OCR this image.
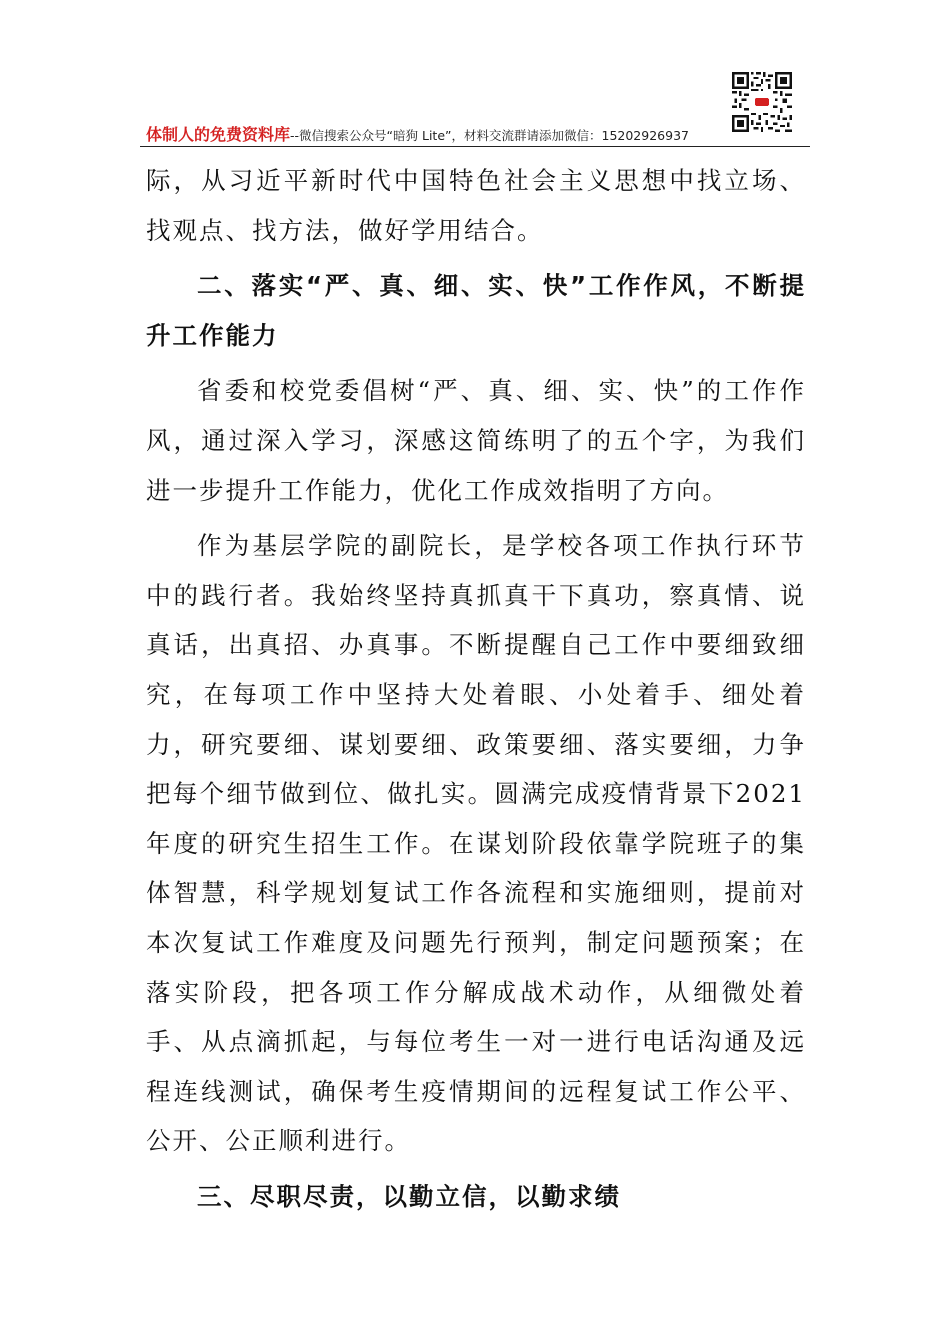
体制人的免费资料库--微信搜索公众号“暗狗 Lite”，材料交流群请添加微信：15202926937

际，从习近平新时代中国特色社会主义思想中找立场、找观点、找方法，做好学用结合。

二、落实“严、真、细、实、快”工作作风，不断提升工作能力

省委和校党委倡树“严、真、细、实、快”的工作作风，通过深入学习，深感这简练明了的五个字，为我们进一步提升工作能力，优化工作成效指明了方向。

作为基层学院的副院长，是学校各项工作执行环节中的践行者。我始终坚持真抓真干下真功，察真情、说真话，出真招、办真事。不断提醒自己工作中要细致细究，在每项工作中坚持大处着眼、小处着手、细处着力，研究要细、谋划要细、政策要细、落实要细，力争把每个细节做到位、做扎实。圆满完成疫情背景下2021年度的研究生招生工作。在谋划阶段依靠学院班子的集体智慧，科学规划复试工作各流程和实施细则，提前对本次复试工作难度及问题先行预判，制定问题预案；在落实阶段，把各项工作分解成战术动作，从细微处着手、从点滴抓起，与每位考生一对一进行电话沟通及远程连线测试，确保考生疫情期间的远程复试工作公平、公开、公正顺利进行。

三、尽职尽责，以勤立信，以勤求绩
